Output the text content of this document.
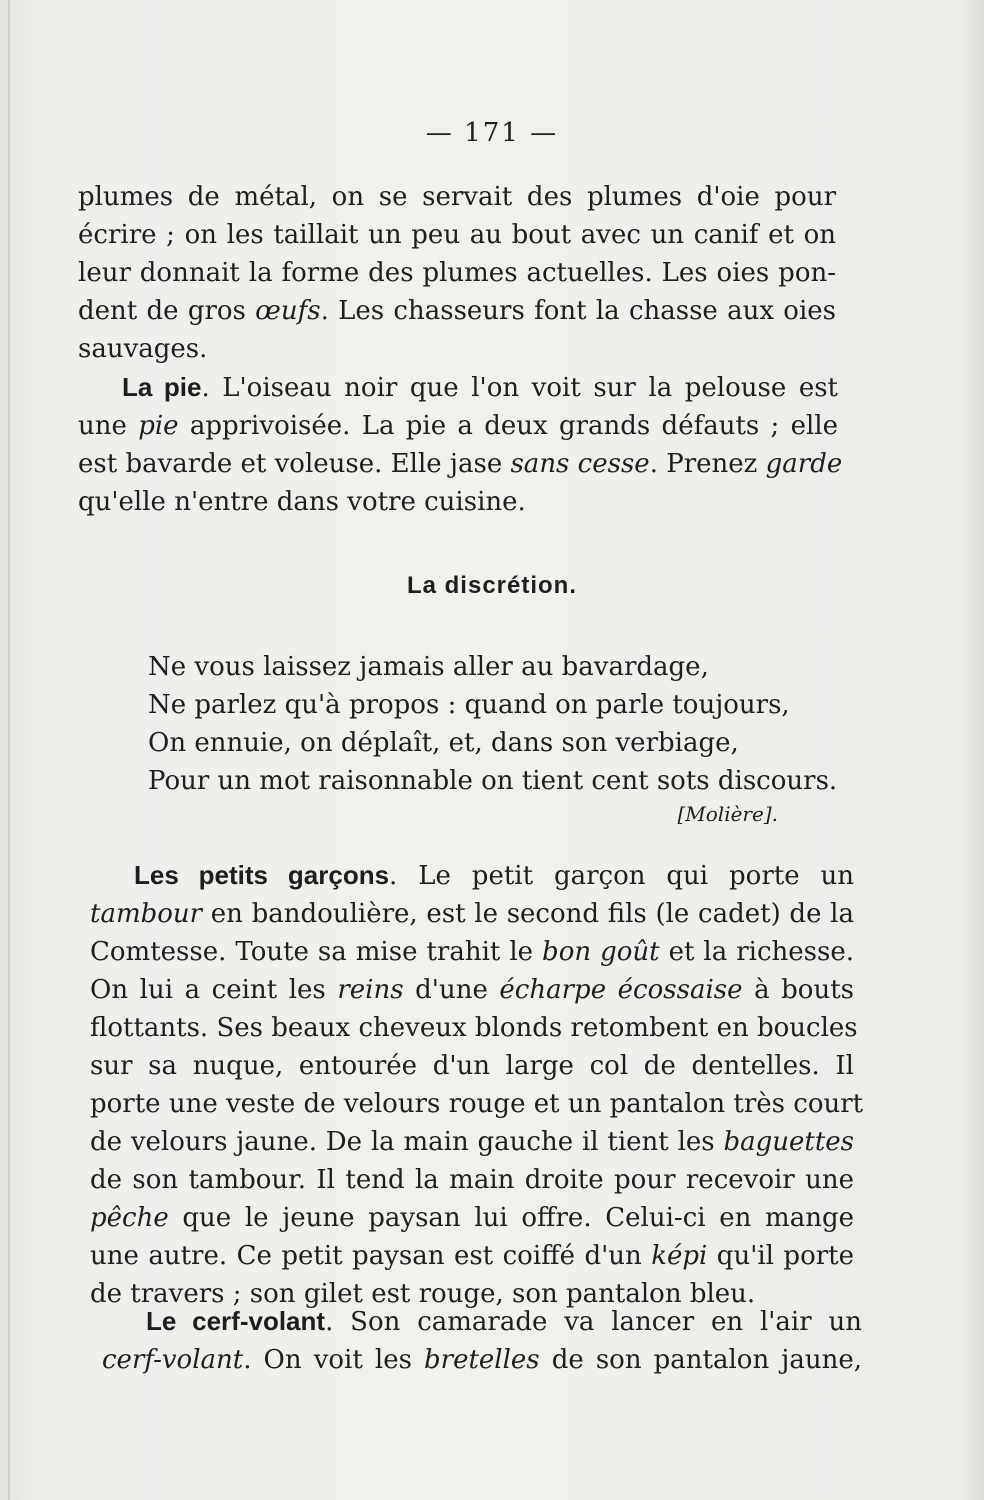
— 171 —
plumes de métal, on se servait des plumes d'oie pour
écrire ; on les taillait un peu au bout avec un canif et on
leur donnait la forme des plumes actuelles. Les oies pon-
dent de gros œufs. Les chasseurs font la chasse aux oies
sauvages.
La pie. L'oiseau noir que l'on voit sur la pelouse est
une pie apprivoisée. La pie a deux grands défauts ; elle
est bavarde et voleuse. Elle jase sans cesse. Prenez garde
qu'elle n'entre dans votre cuisine.
La discrétion.
Ne vous laissez jamais aller au bavardage,
Ne parlez qu'à propos : quand on parle toujours,
On ennuie, on déplaît, et, dans son verbiage,
Pour un mot raisonnable on tient cent sots discours.
[Molière].
Les petits garçons. Le petit garçon qui porte un
tambour en bandoulière, est le second fils (le cadet) de la
Comtesse. Toute sa mise trahit le bon goût et la richesse.
On lui a ceint les reins d'une écharpe écossaise à bouts
flottants. Ses beaux cheveux blonds retombent en boucles
sur sa nuque, entourée d'un large col de dentelles. Il
porte une veste de velours rouge et un pantalon très court
de velours jaune. De la main gauche il tient les baguettes
de son tambour. Il tend la main droite pour recevoir une
pêche que le jeune paysan lui offre. Celui-ci en mange
une autre. Ce petit paysan est coiffé d'un képi qu'il porte
de travers ; son gilet est rouge, son pantalon bleu.
Le cerf-volant. Son camarade va lancer en l'air un
cerf-volant. On voit les bretelles de son pantalon jaune,
